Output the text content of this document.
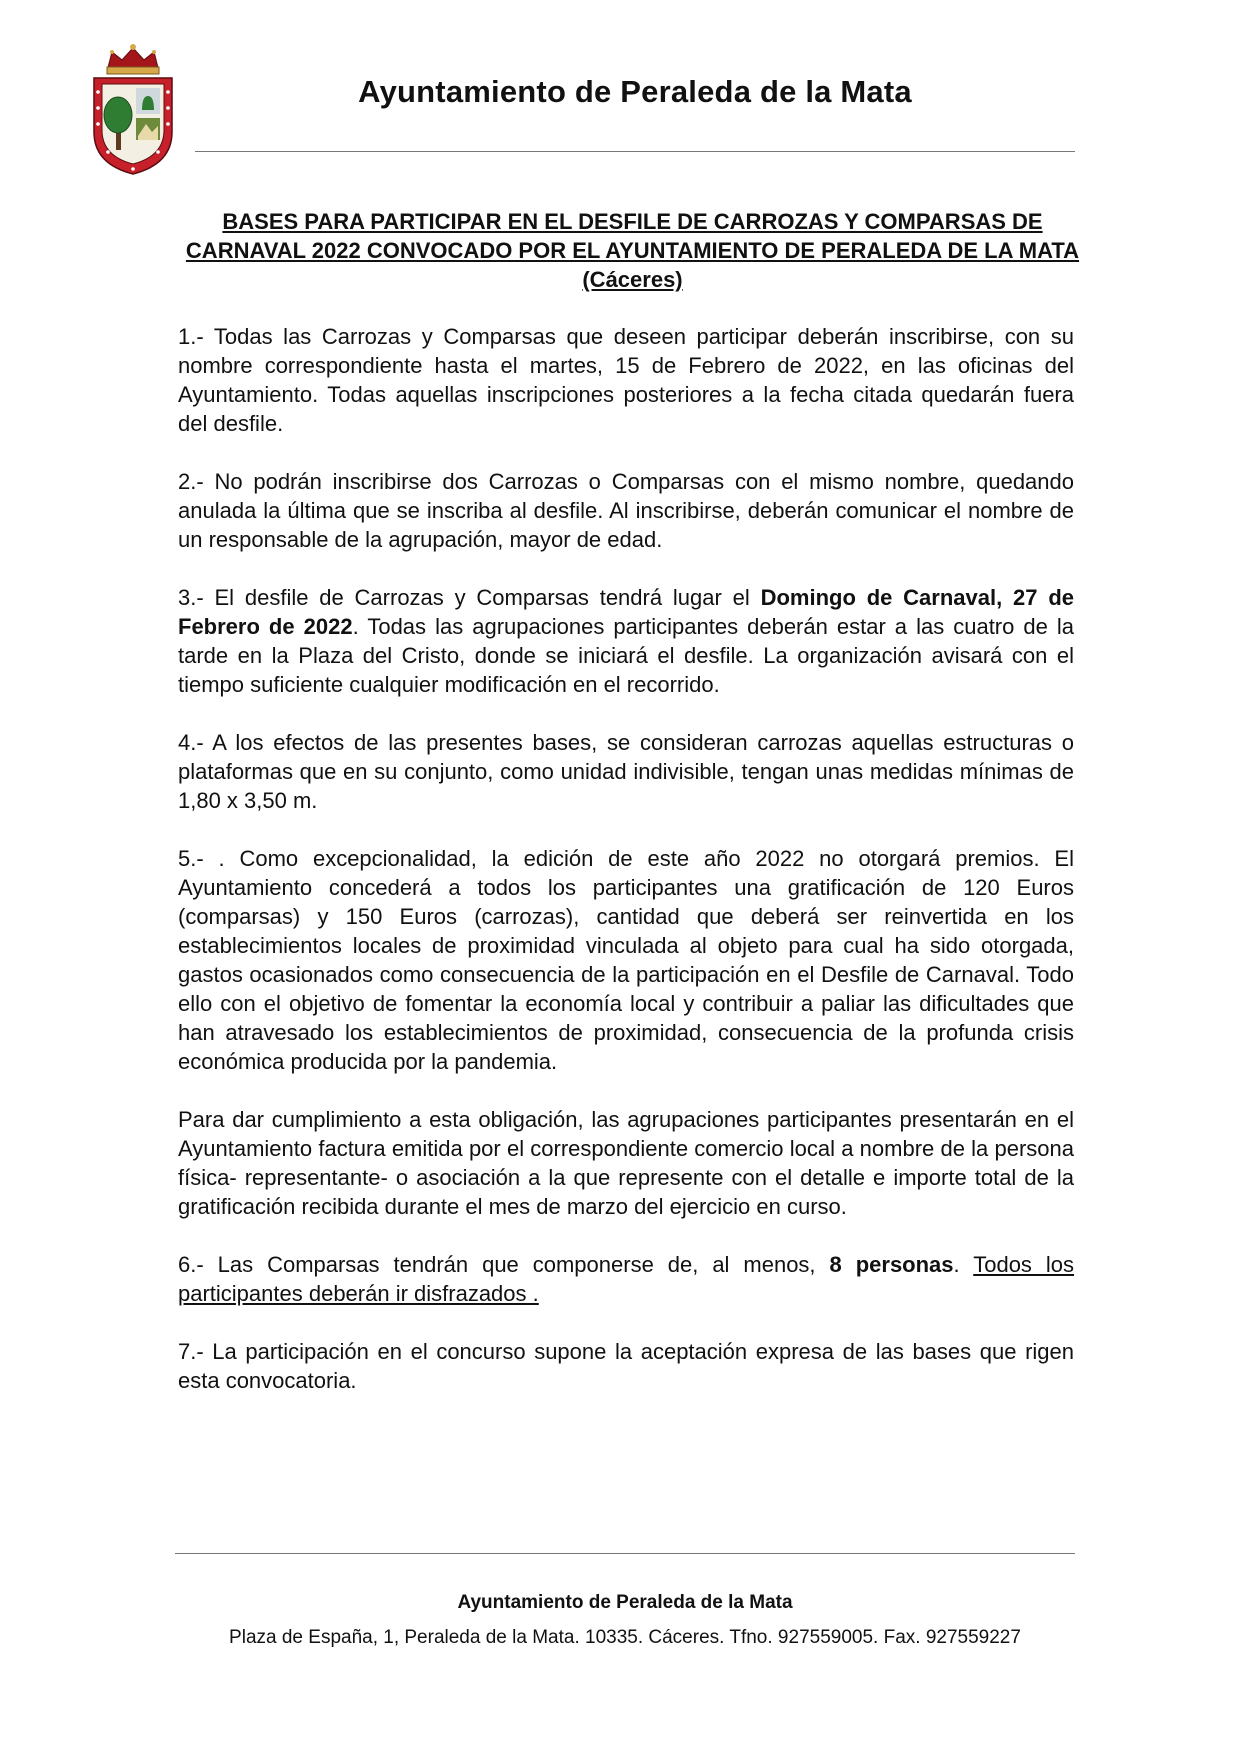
Ayuntamiento de Peraleda de la Mata
BASES PARA PARTICIPAR EN EL DESFILE DE CARROZAS Y COMPARSAS DE CARNAVAL 2022 CONVOCADO POR EL AYUNTAMIENTO DE PERALEDA DE LA MATA (Cáceres)

1.- Todas las Carrozas y Comparsas que deseen participar deberán inscribirse, con su nombre correspondiente hasta el martes, 15 de Febrero de 2022, en las oficinas del Ayuntamiento. Todas aquellas inscripciones posteriores a la fecha citada quedarán fuera del desfile.

2.- No podrán inscribirse dos Carrozas o Comparsas con el mismo nombre, quedando anulada la última que se inscriba al desfile. Al inscribirse, deberán comunicar el nombre de un responsable de la agrupación, mayor de edad.

3.- El desfile de Carrozas y Comparsas tendrá lugar el Domingo de Carnaval, 27 de Febrero de 2022. Todas las agrupaciones participantes deberán estar a las cuatro de la tarde en la Plaza del Cristo, donde se iniciará el desfile. La organización avisará con el tiempo suficiente cualquier modificación en el recorrido.

4.- A los efectos de las presentes bases, se consideran carrozas aquellas estructuras o plataformas que en su conjunto, como unidad indivisible, tengan unas medidas mínimas de 1,80 x 3,50 m.

5.- . Como excepcionalidad, la edición de este año 2022 no otorgará premios. El Ayuntamiento concederá a todos los participantes una gratificación de 120 Euros (comparsas) y 150 Euros (carrozas), cantidad que deberá ser reinvertida en los establecimientos locales de proximidad vinculada al objeto para cual ha sido otorgada, gastos ocasionados como consecuencia de la participación en el Desfile de Carnaval. Todo ello con el objetivo de fomentar la economía local y contribuir a paliar las dificultades que han atravesado los establecimientos de proximidad, consecuencia de la profunda crisis económica producida por la pandemia.

Para dar cumplimiento a esta obligación, las agrupaciones participantes presentarán en el Ayuntamiento factura emitida por el correspondiente comercio local a nombre de la persona física- representante- o asociación a la que represente con el detalle e importe total de la gratificación recibida durante el mes de marzo del ejercicio en curso.

6.- Las Comparsas tendrán que componerse de, al menos, 8 personas. Todos los participantes deberán ir disfrazados .

7.- La participación en el concurso supone la aceptación expresa de las bases que rigen esta convocatoria.

Ayuntamiento de Peraleda de la Mata
Plaza de España, 1, Peraleda de la Mata. 10335. Cáceres. Tfno. 927559005. Fax. 927559227
